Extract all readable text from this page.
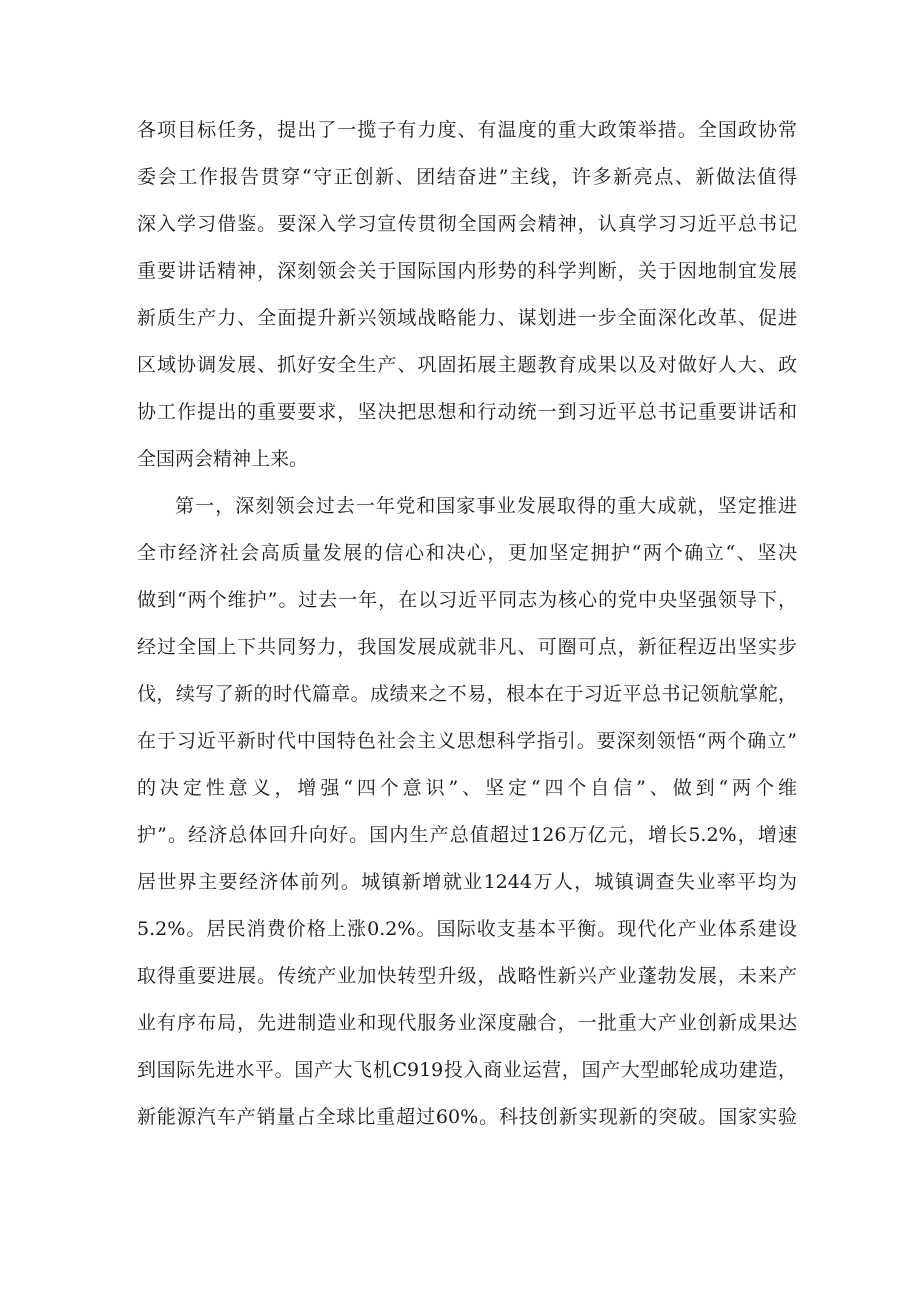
各项目标任务，提出了一揽子有力度、有温度的重大政策举措。全国政协常
委会工作报告贯穿“守正创新、团结奋进”主线，许多新亮点、新做法值得
深入学习借鉴。要深入学习宣传贯彻全国两会精神，认真学习习近平总书记
重要讲话精神，深刻领会关于国际国内形势的科学判断，关于因地制宜发展
新质生产力、全面提升新兴领域战略能力、谋划进一步全面深化改革、促进
区域协调发展、抓好安全生产、巩固拓展主题教育成果以及对做好人大、政
协工作提出的重要要求，坚决把思想和行动统一到习近平总书记重要讲话和
全国两会精神上来。
第一，深刻领会过去一年党和国家事业发展取得的重大成就，坚定推进
全市经济社会高质量发展的信心和决心，更加坚定拥护“两个确立“、坚决
做到“两个维护”。过去一年，在以习近平同志为核心的党中央坚强领导下，
经过全国上下共同努力，我国发展成就非凡、可圈可点，新征程迈出坚实步
伐，续写了新的时代篇章。成绩来之不易，根本在于习近平总书记领航掌舵，
在于习近平新时代中国特色社会主义思想科学指引。要深刻领悟“两个确立”
的决定性意义，增强“四个意识”、坚定“四个自信”、做到“两个维
护”。经济总体回升向好。国内生产总值超过126万亿元，增长5.2%，增速
居世界主要经济体前列。城镇新增就业1244万人，城镇调查失业率平均为
5.2%。居民消费价格上涨0.2%。国际收支基本平衡。现代化产业体系建设
取得重要进展。传统产业加快转型升级，战略性新兴产业蓬勃发展，未来产
业有序布局，先进制造业和现代服务业深度融合，一批重大产业创新成果达
到国际先进水平。国产大飞机C919投入商业运营，国产大型邮轮成功建造，
新能源汽车产销量占全球比重超过60%。科技创新实现新的突破。国家实验
